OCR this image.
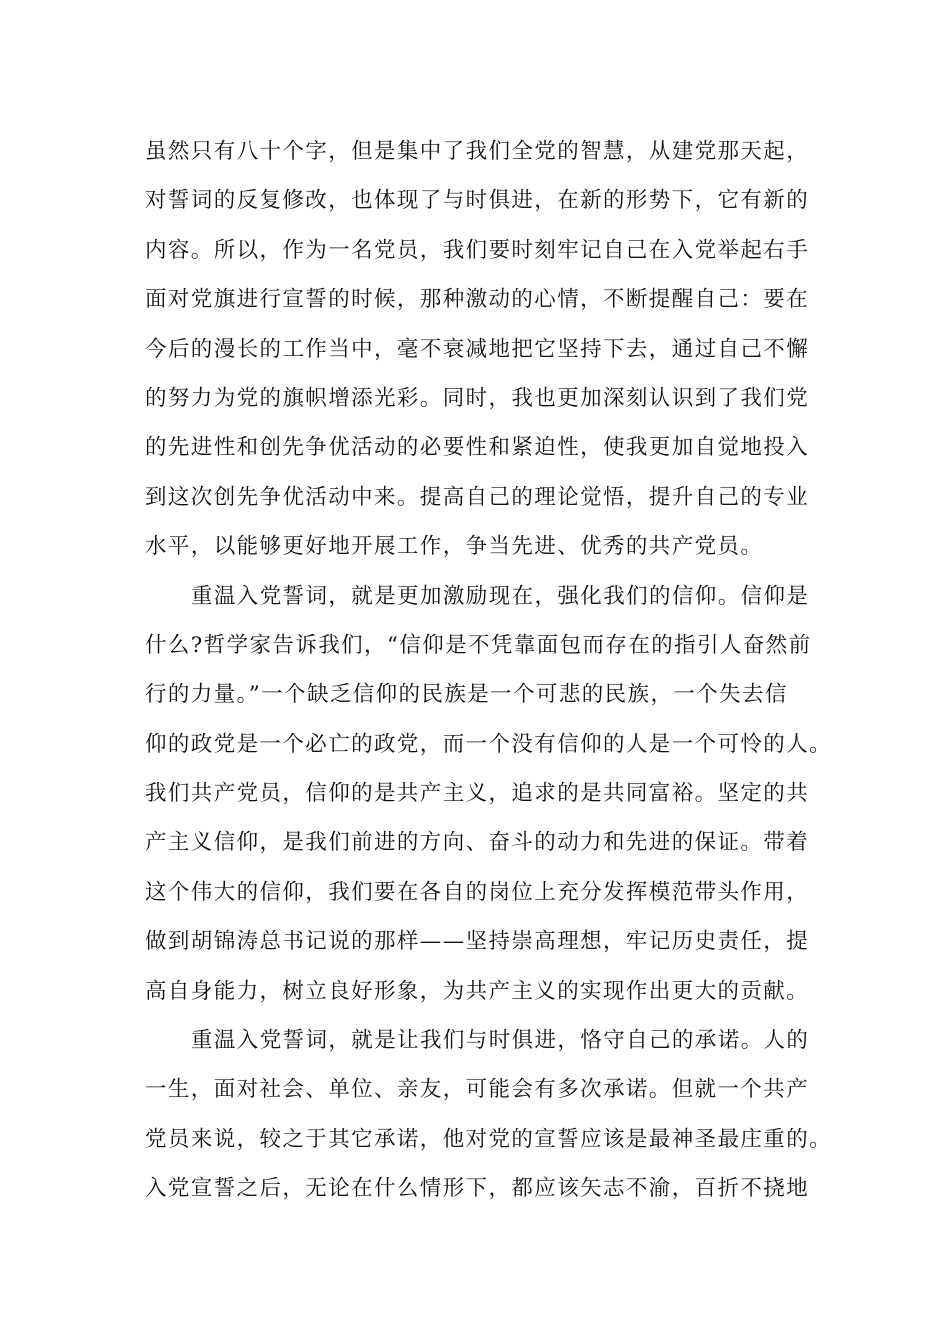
虽然只有八十个字，但是集中了我们全党的智慧，从建党那天起，
对誓词的反复修改，也体现了与时俱进，在新的形势下，它有新的
内容。所以，作为一名党员，我们要时刻牢记自己在入党举起右手
面对党旗进行宣誓的时候，那种激动的心情，不断提醒自己：要在
今后的漫长的工作当中，毫不衰减地把它坚持下去，通过自己不懈
的努力为党的旗帜增添光彩。同时，我也更加深刻认识到了我们党
的先进性和创先争优活动的必要性和紧迫性，使我更加自觉地投入
到这次创先争优活动中来。提高自己的理论觉悟，提升自己的专业
水平，以能够更好地开展工作，争当先进、优秀的共产党员。
重温入党誓词，就是更加激励现在，强化我们的信仰。信仰是
什么?哲学家告诉我们，“信仰是不凭靠面包而存在的指引人奋然前
行的力量。”一个缺乏信仰的民族是一个可悲的民族，一个失去信
仰的政党是一个必亡的政党，而一个没有信仰的人是一个可怜的人。
我们共产党员，信仰的是共产主义，追求的是共同富裕。坚定的共
产主义信仰，是我们前进的方向、奋斗的动力和先进的保证。带着
这个伟大的信仰，我们要在各自的岗位上充分发挥模范带头作用，
做到胡锦涛总书记说的那样——坚持崇高理想，牢记历史责任，提
高自身能力，树立良好形象，为共产主义的实现作出更大的贡献。
重温入党誓词，就是让我们与时俱进，恪守自己的承诺。人的
一生，面对社会、单位、亲友，可能会有多次承诺。但就一个共产
党员来说，较之于其它承诺，他对党的宣誓应该是最神圣最庄重的。
入党宣誓之后，无论在什么情形下，都应该矢志不渝，百折不挠地
